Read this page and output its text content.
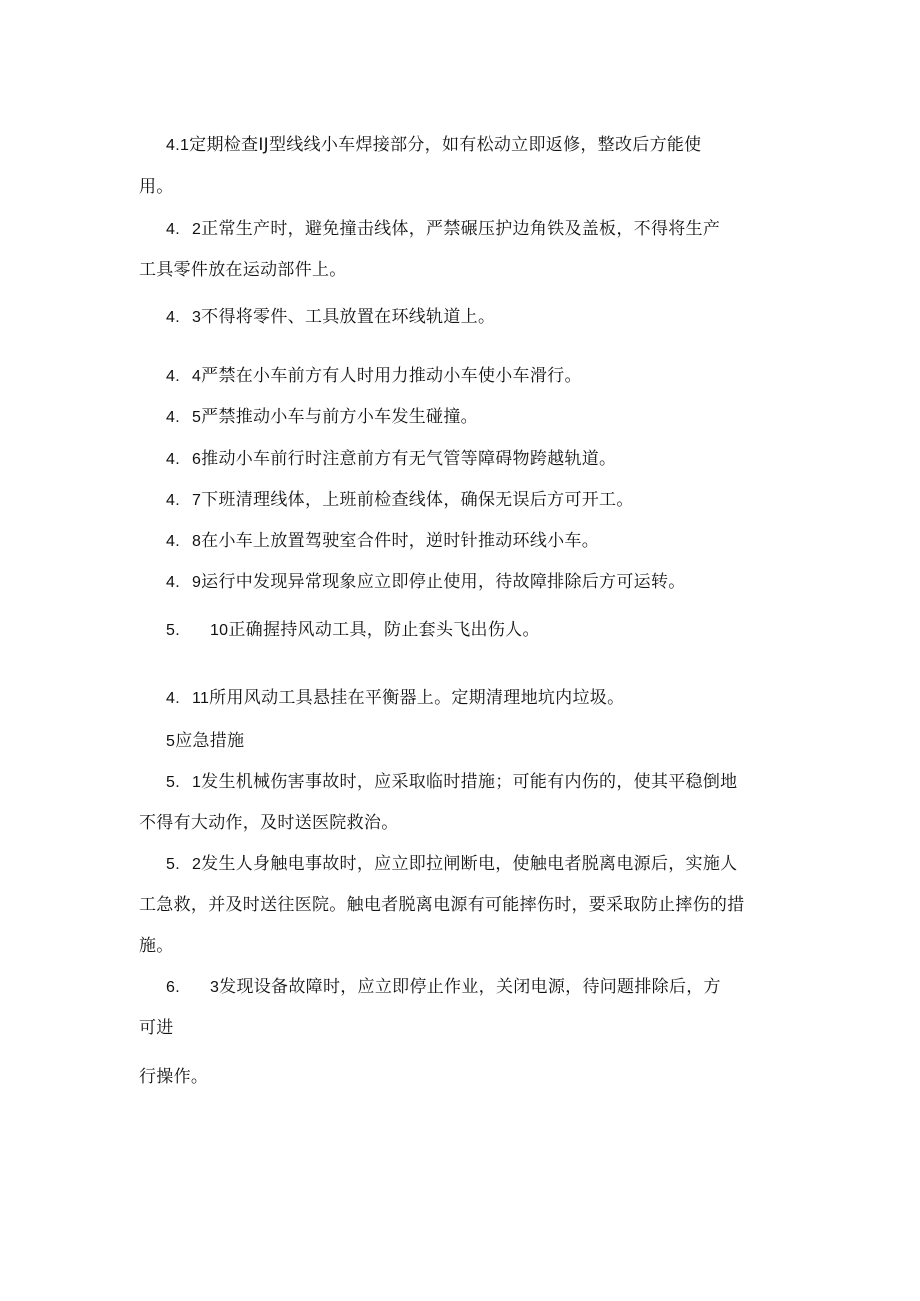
4.1定期检查IJ型线线小车焊接部分，如有松动立即返修，整改后方能使
用。
4. 2正常生产时，避免撞击线体，严禁碾压护边角铁及盖板，不得将生产
工具零件放在运动部件上。
4. 3不得将零件、工具放置在环线轨道上。
4. 4严禁在小车前方有人时用力推动小车使小车滑行。
4. 5严禁推动小车与前方小车发生碰撞。
4. 6推动小车前行时注意前方有无气管等障碍物跨越轨道。
4. 7下班清理线体，上班前检查线体，确保无误后方可开工。
4. 8在小车上放置驾驶室合件时，逆时针推动环线小车。
4. 9运行中发现异常现象应立即停止使用，待故障排除后方可运转。
5. 10正确握持风动工具，防止套头飞出伤人。
4. 11所用风动工具悬挂在平衡器上。定期清理地坑内垃圾。
5应急措施
5. 1发生机械伤害事故时，应采取临时措施；可能有内伤的，使其平稳倒地
不得有大动作，及时送医院救治。
5. 2发生人身触电事故时，应立即拉闸断电，使触电者脱离电源后，实施人
工急救，并及时送往医院。触电者脱离电源有可能摔伤时，要采取防止摔伤的措
施。
6. 3发现设备故障时，应立即停止作业，关闭电源，待问题排除后，方
可进
行操作。
